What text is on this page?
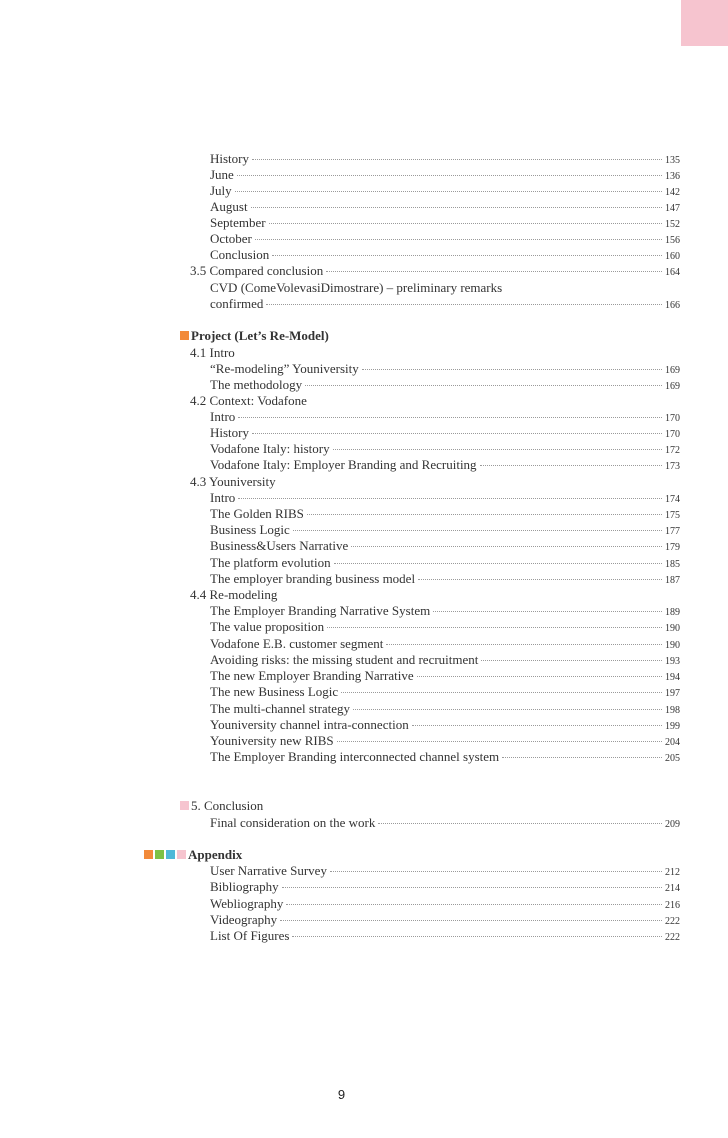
History	135
June	136
July	142
August	147
September	152
October	156
Conclusion	160
3.5 Compared conclusion	164
CVD (ComeVolevasiDimostrare) – preliminary remarks
confirmed	166
Project (Let’s Re-Model)
4.1 Intro
“Re-modeling” Youniversity	169
The methodology	169
4.2 Context: Vodafone
Intro	170
History	170
Vodafone Italy: history	172
Vodafone Italy: Employer Branding and Recruiting	173
4.3 Youniversity
Intro	174
The Golden RIBS	175
Business Logic	177
Business&Users Narrative	179
The platform evolution	185
The employer branding business model	187
4.4 Re-modeling
The Employer Branding Narrative System	189
The value proposition	190
Vodafone E.B. customer segment	190
Avoiding risks: the missing student and recruitment	193
The new Employer Branding Narrative	194
The new Business Logic	197
The multi-channel strategy	198
Youniversity channel intra-connection	199
Youniversity new RIBS	204
The Employer Branding interconnected channel system	205
5. Conclusion
Final consideration on the work	209
Appendix
User Narrative Survey	212
Bibliography	214
Webliography	216
Videography	222
List Of Figures	222
9
